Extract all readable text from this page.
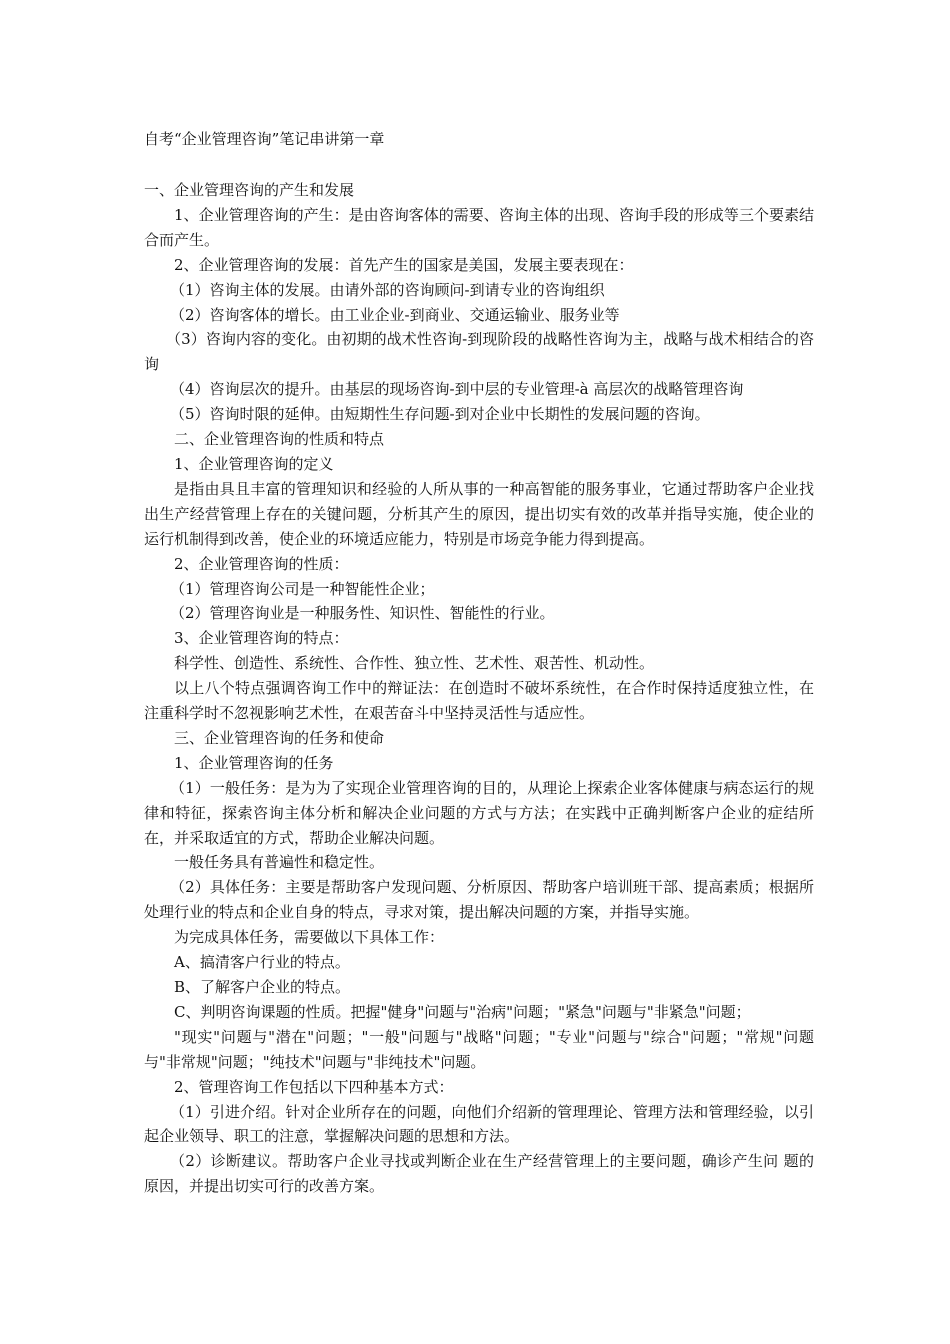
自考“企业管理咨询”笔记串讲第一章

一、企业管理咨询的产生和发展

1、企业管理咨询的产生：是由咨询客体的需要、咨询主体的出现、咨询手段的形成等三个要素结合而产生。

2、企业管理咨询的发展：首先产生的国家是美国，发展主要表现在：

（1）咨询主体的发展。由请外部的咨询顾问-到请专业的咨询组织

（2）咨询客体的增长。由工业企业-到商业、交通运输业、服务业等

（3）咨询内容的变化。由初期的战术性咨询-到现阶段的战略性咨询为主，战略与战术相结合的咨询

（4）咨询层次的提升。由基层的现场咨询-到中层的专业管理-à 高层次的战略管理咨询

（5）咨询时限的延伸。由短期性生存问题-到对企业中长期性的发展问题的咨询。

二、企业管理咨询的性质和特点

1、企业管理咨询的定义

是指由具且丰富的管理知识和经验的人所从事的一种高智能的服务事业，它通过帮助客户企业找出生产经营管理上存在的关键问题，分析其产生的原因，提出切实有效的改革并指导实施，使企业的运行机制得到改善，使企业的环境适应能力，特别是市场竞争能力得到提高。

2、企业管理咨询的性质：

（1）管理咨询公司是一种智能性企业；

（2）管理咨询业是一种服务性、知识性、智能性的行业。

3、企业管理咨询的特点：

科学性、创造性、系统性、合作性、独立性、艺术性、艰苦性、机动性。

以上八个特点强调咨询工作中的辩证法：在创造时不破坏系统性，在合作时保持适度独立性，在注重科学时不忽视影响艺术性，在艰苦奋斗中坚持灵活性与适应性。

三、企业管理咨询的任务和使命

1、企业管理咨询的任务

（1）一般任务：是为为了实现企业管理咨询的目的，从理论上探索企业客体健康与病态运行的规律和特征，探索咨询主体分析和解决企业问题的方式与方法；在实践中正确判断客户企业的症结所在，并采取适宜的方式，帮助企业解决问题。

一般任务具有普遍性和稳定性。

（2）具体任务：主要是帮助客户发现问题、分析原因、帮助客户培训班干部、提高素质；根据所处理行业的特点和企业自身的特点，寻求对策，提出解决问题的方案，并指导实施。

为完成具体任务，需要做以下具体工作：

A、搞清客户行业的特点。

B、了解客户企业的特点。

C、判明咨询课题的性质。把握"健身"问题与"治病"问题；"紧急"问题与"非紧急"问题；

"现实"问题与"潜在"问题；"一般"问题与"战略"问题；"专业"问题与"综合"问题；"常规"问题与"非常规"问题；"纯技术"问题与"非纯技术"问题。

2、管理咨询工作包括以下四种基本方式：

（1）引进介绍。针对企业所存在的问题，向他们介绍新的管理理论、管理方法和管理经验，以引起企业领导、职工的注意，掌握解决问题的思想和方法。

（2）诊断建议。帮助客户企业寻找或判断企业在生产经营管理上的主要问题，确诊产生问 题的原因，并提出切实可行的改善方案。
